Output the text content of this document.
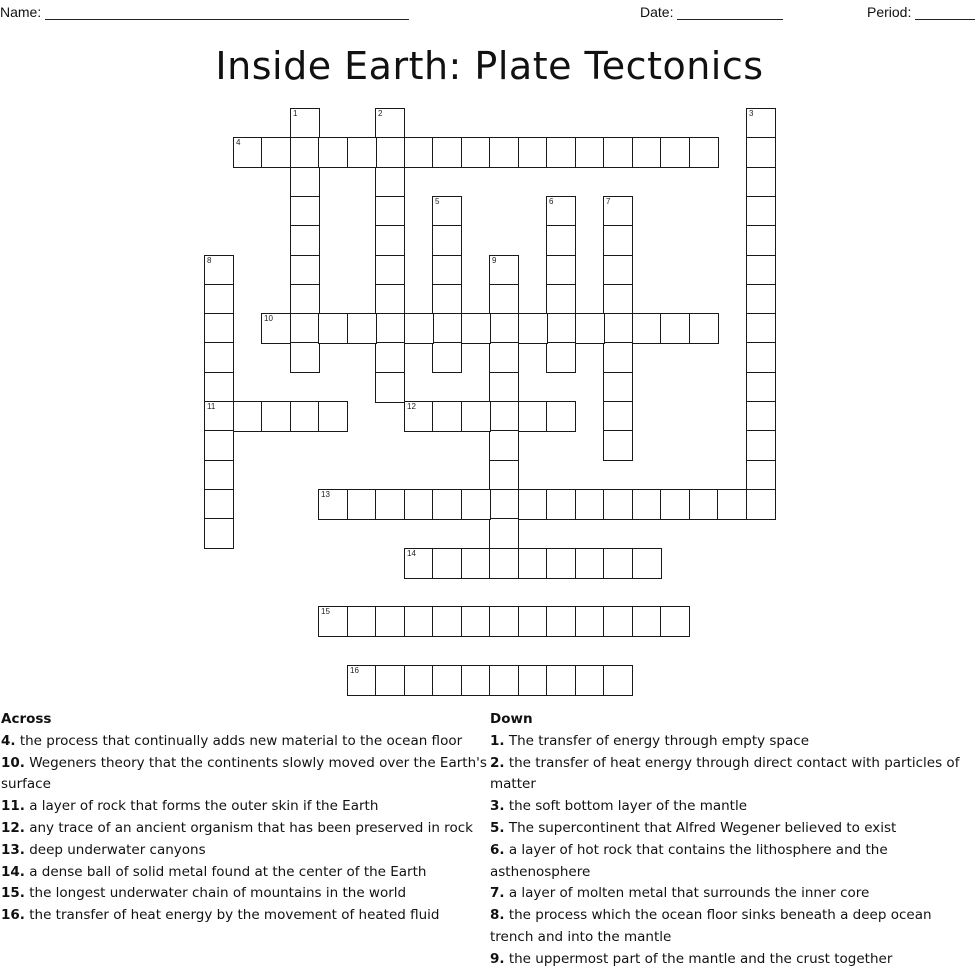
Name:	Date:	Period:
Inside Earth: Plate Tectonics
1	2	3
4
5	6	7
8
11
9
10
12
13
14
15
16
Across
4. the process that continually adds new material to the ocean floor
10. Wegeners theory that the continents slowly moved over the Earth's surface
11. a layer of rock that forms the outer skin if the Earth
12. any trace of an ancient organism that has been preserved in rock
13. deep underwater canyons
14. a dense ball of solid metal found at the center of the Earth
15. the longest underwater chain of mountains in the world
16. the transfer of heat energy by the movement of heated fluid
Down
1. The transfer of energy through empty space
2. the transfer of heat energy through direct contact with particles of matter
3. the soft bottom layer of the mantle
5. The supercontinent that Alfred Wegener believed to exist
6. a layer of hot rock that contains the lithosphere and the asthenosphere
7. a layer of molten metal that surrounds the inner core
8. the process which the ocean floor sinks beneath a deep ocean trench and into the mantle
9. the uppermost part of the mantle and the crust together
